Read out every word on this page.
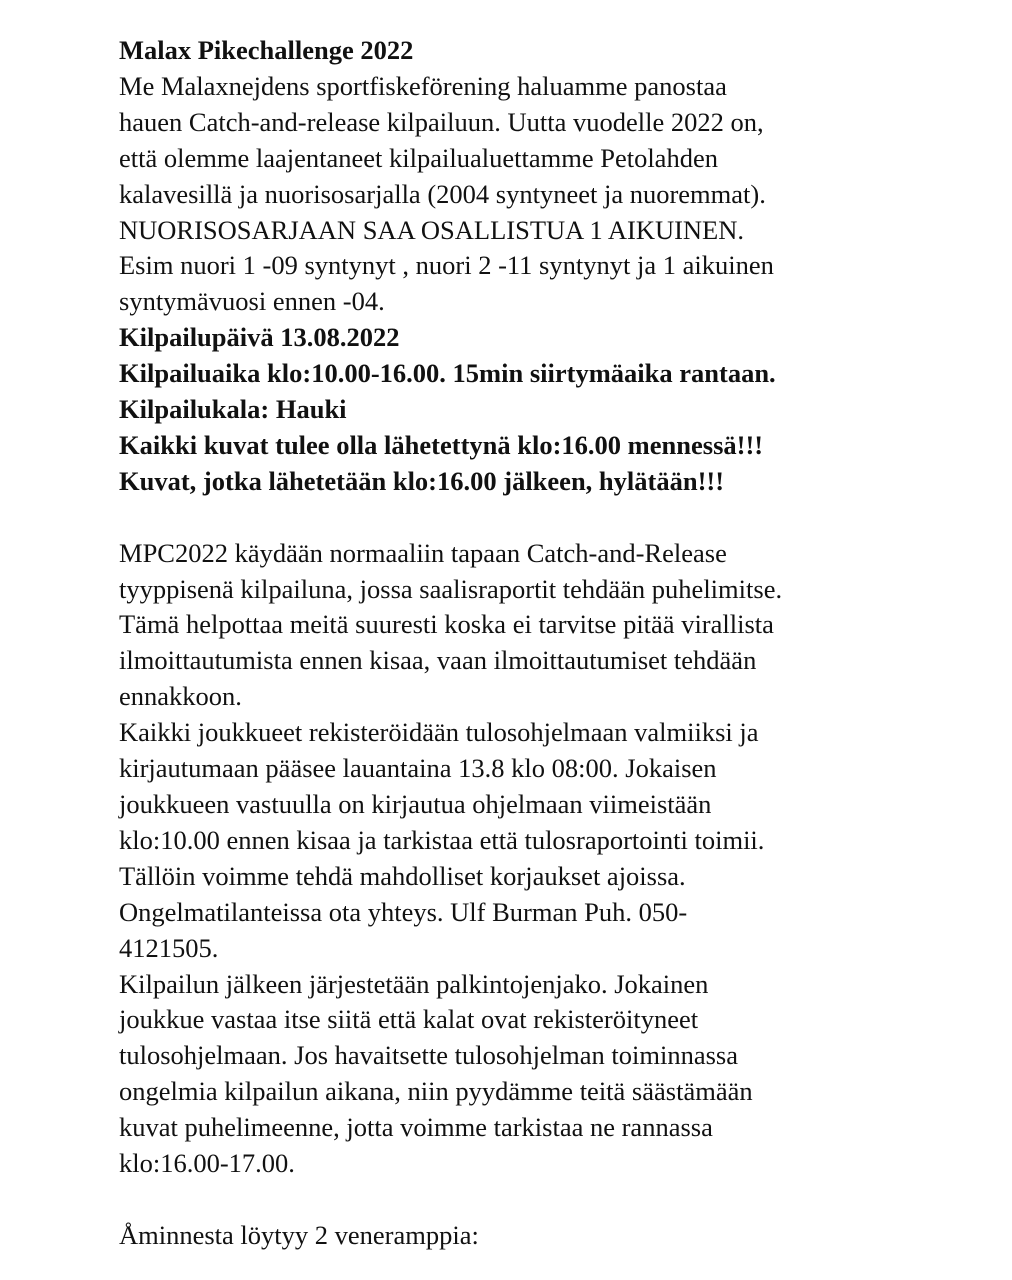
Malax Pikechallenge 2022
Me Malaxnejdens sportfiskeförening haluamme panostaa
hauen Catch-and-release kilpailuun. Uutta vuodelle 2022 on,
että olemme laajentaneet kilpailualuettamme Petolahden
kalavesillä ja nuorisosarjalla (2004 syntyneet ja nuoremmat).
NUORISOSARJAAN SAA OSALLISTUA 1 AIKUINEN.
Esim nuori 1 -09 syntynyt , nuori 2 -11 syntynyt ja 1 aikuinen
syntymävuosi ennen -04.
Kilpailupäivä 13.08.2022
Kilpailuaika klo:10.00-16.00. 15min siirtymäaika rantaan.
Kilpailukala: Hauki
Kaikki kuvat tulee olla lähetettynä klo:16.00 mennessä!!!
Kuvat, jotka lähetetään klo:16.00 jälkeen, hylätään!!!
MPC2022 käydään normaaliin tapaan Catch-and-Release
tyyppisenä kilpailuna, jossa saalisraportit tehdään puhelimitse.
Tämä helpottaa meitä suuresti koska ei tarvitse pitää virallista
ilmoittautumista ennen kisaa, vaan ilmoittautumiset tehdään
ennakkoon.
Kaikki joukkueet rekisteröidään tulosohjelmaan valmiiksi ja
kirjautumaan pääsee lauantaina 13.8 klo 08:00. Jokaisen
joukkueen vastuulla on kirjautua ohjelmaan viimeistään
klo:10.00 ennen kisaa ja tarkistaa että tulosraportointi toimii.
Tällöin voimme tehdä mahdolliset korjaukset ajoissa.
Ongelmatilanteissa ota yhteys. Ulf Burman Puh. 050-
4121505.
Kilpailun jälkeen järjestetään palkintojenjako. Jokainen
joukkue vastaa itse siitä että kalat ovat rekisteröityneet
tulosohjelmaan. Jos havaitsette tulosohjelman toiminnassa
ongelmia kilpailun aikana, niin pyydämme teitä säästämään
kuvat puhelimeenne, jotta voimme tarkistaa ne rannassa
klo:16.00-17.00.
Åminnesta löytyy 2 veneramppia:
